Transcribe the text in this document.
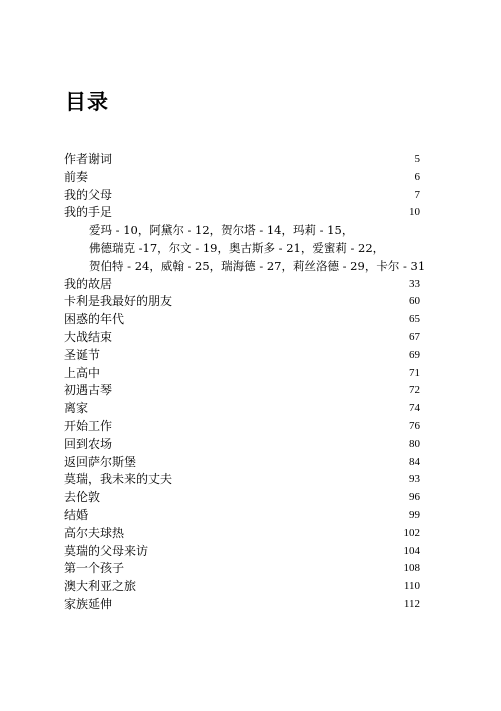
目录
作者谢词	5
前奏	6
我的父母	7
我的手足	10
爱玛 - 10，阿黛尔 - 12，贺尔塔 - 14，玛莉 - 15，
佛德瑞克 -17，尔文 - 19，奥古斯多 - 21，爱蜜莉 - 22，
贺伯特 - 24，威翰 - 25，瑞海德 - 27，莉丝洛德 - 29，卡尔 - 31
我的故居	33
卡利是我最好的朋友	60
困惑的年代	65
大战结束	67
圣诞节	69
上高中	71
初遇古琴	72
离家	74
开始工作	76
回到农场	80
返回萨尔斯堡	84
莫瑞，我未来的丈夫	93
去伦敦	96
结婚	99
高尔夫球热	102
莫瑞的父母来访	104
第一个孩子	108
澳大利亚之旅	110
家族延伸	112
